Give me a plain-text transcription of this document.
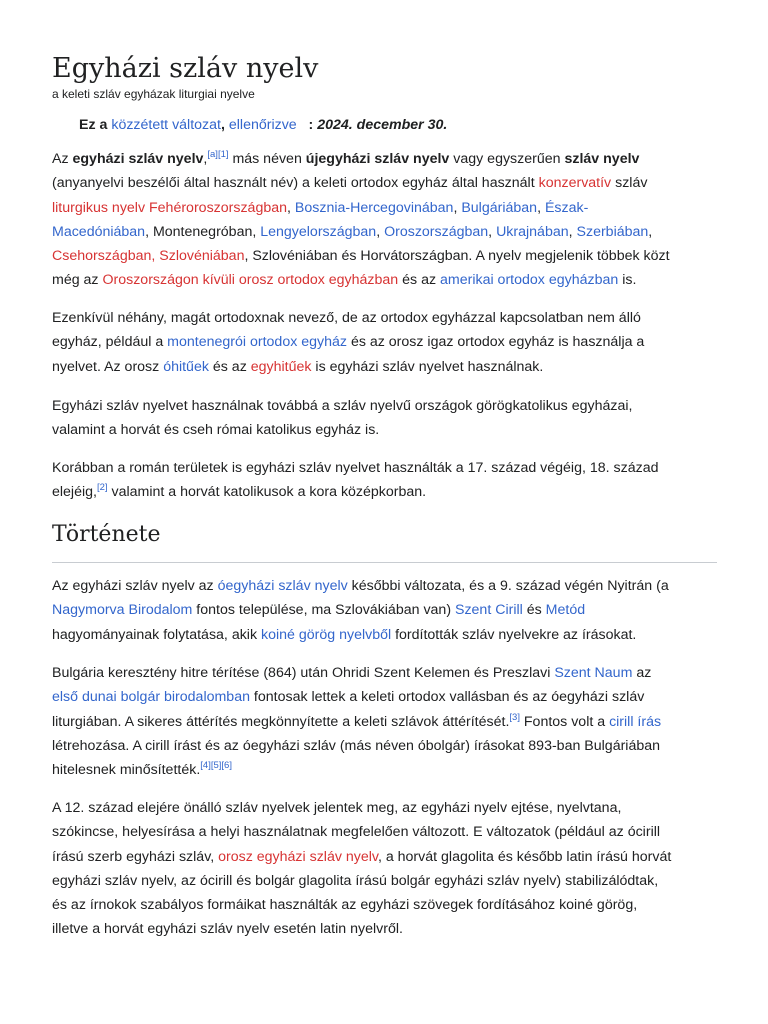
Egyházi szláv nyelv
a keleti szláv egyházak liturgiai nyelve
Ez a közzétett változat, ellenőrizve : 2024. december 30.
Az egyházi szláv nyelv,[a][1] más néven újegyházi szláv nyelv vagy egyszerűen szláv nyelv
(anyanyelvi beszélői által használt név) a keleti ortodox egyház által használt konzervatív szláv
liturgikus nyelv Fehéroroszországban, Bosznia-Hercegovinában, Bulgáriában, Észak-
Macedóniában, Montenegróban, Lengyelországban, Oroszországban, Ukrajnában, Szerbiában,
Csehországban, Szlovéniában, Szlovéniában és Horvátországban. A nyelv megjelenik többek közt
még az Oroszországon kívüli orosz ortodox egyházban és az amerikai ortodox egyházban is.
Ezenkívül néhány, magát ortodoxnak nevező, de az ortodox egyházzal kapcsolatban nem álló
egyház, például a montenegrói ortodox egyház és az orosz igaz ortodox egyház is használja a
nyelvet. Az orosz óhitűek és az egyhitűek is egyházi szláv nyelvet használnak.
Egyházi szláv nyelvet használnak továbbá a szláv nyelvű országok görögkatolikus egyházai,
valamint a horvát és cseh római katolikus egyház is.
Korábban a román területek is egyházi szláv nyelvet használták a 17. század végéig, 18. század
elejéig,[2] valamint a horvát katolikusok a kora középkorban.
Története
Az egyházi szláv nyelv az óegyházi szláv nyelv későbbi változata, és a 9. század végén Nyitrán (a
Nagymorva Birodalom fontos települése, ma Szlovákiában van) Szent Cirill és Metód
hagyományainak folytatása, akik koiné görög nyelvből fordították szláv nyelvekre az írásokat.
Bulgária keresztény hitre térítése (864) után Ohridi Szent Kelemen és Preszlavi Szent Naum az
első dunai bolgár birodalomban fontosak lettek a keleti ortodox vallásban és az óegyházi szláv
liturgiában. A sikeres áttérítés megkönnyítette a keleti szlávok áttérítését.[3] Fontos volt a cirill írás
létrehozása. A cirill írást és az óegyházi szláv (más néven óbolgár) írásokat 893-ban Bulgáriában
hitelesnek minősítették.[4][5][6]
A 12. század elejére önálló szláv nyelvek jelentek meg, az egyházi nyelv ejtése, nyelvtana,
szókincse, helyesírása a helyi használatnak megfelelően változott. E változatok (például az ócirill
írású szerb egyházi szláv, orosz egyházi szláv nyelv, a horvát glagolita és később latin írású horvát
egyházi szláv nyelv, az ócirill és bolgár glagolita írású bolgár egyházi szláv nyelv) stabilizálódtak,
és az írnokok szabályos formáikat használták az egyházi szövegek fordításához koiné görög,
illetve a horvát egyházi szláv nyelv esetén latin nyelvről.
